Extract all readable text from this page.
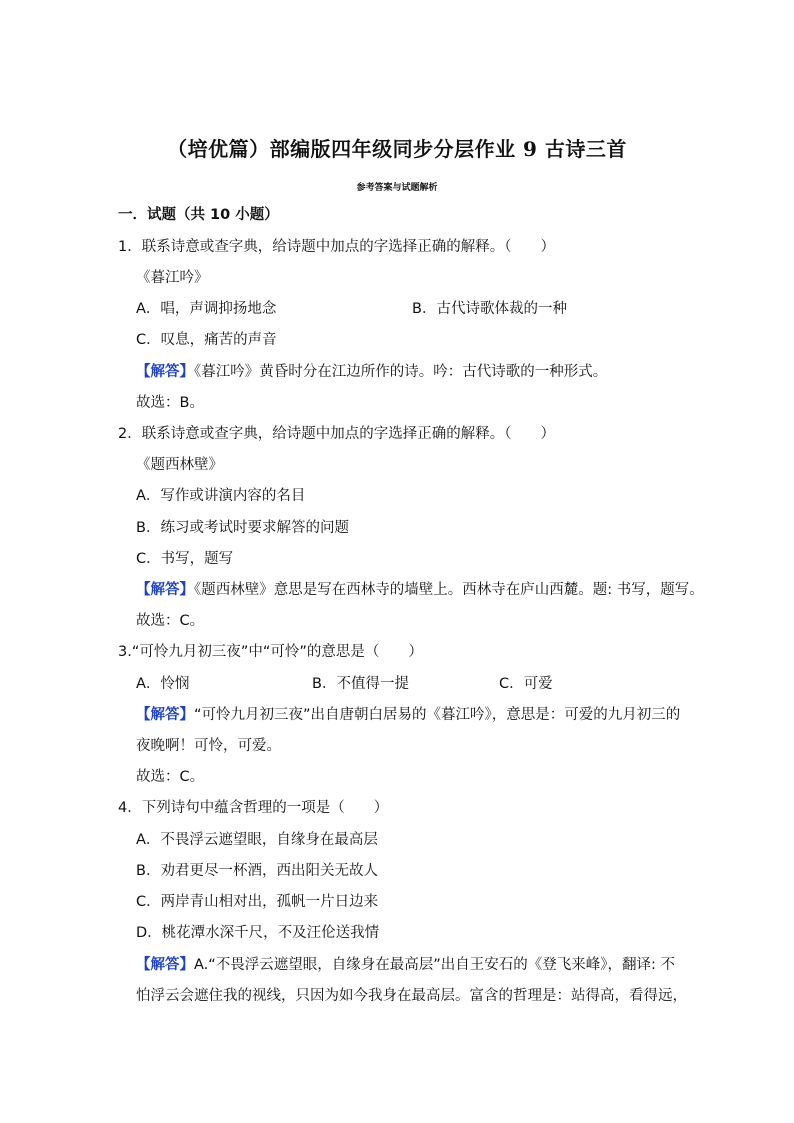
（培优篇）部编版四年级同步分层作业 9 古诗三首
参考答案与试题解析
一．试题（共 10 小题）
1．联系诗意或查字典，给诗题中加点的字选择正确的解释。（　　）
《暮江吟》
A．唱，声调抑扬地念	B．古代诗歌体裁的一种
C．叹息，痛苦的声音
【解答】《暮江吟》黄昏时分在江边所作的诗。吟：古代诗歌的一种形式。
故选：B。
2．联系诗意或查字典，给诗题中加点的字选择正确的解释。（　　）
《题西林壁》
A．写作或讲演内容的名目
B．练习或考试时要求解答的问题
C．书写，题写
【解答】《题西林壁》意思是写在西林寺的墙壁上。西林寺在庐山西麓。题: 书写，题写。
故选：C。
3.“可怜九月初三夜”中“可怜”的意思是（　　）
A．怜悯	B．不值得一提	C．可爱
【解答】“可怜九月初三夜”出自唐朝白居易的《暮江吟》，意思是：可爱的九月初三的
夜晚啊！可怜，可爱。
故选：C。
4．下列诗句中蕴含哲理的一项是（　　）
A．不畏浮云遮望眼，自缘身在最高层
B．劝君更尽一杯酒，西出阳关无故人
C．两岸青山相对出，孤帆一片日边来
D．桃花潭水深千尺，不及汪伦送我情
【解答】A.“不畏浮云遮望眼，自缘身在最高层”出自王安石的《登飞来峰》，翻译: 不
怕浮云会遮住我的视线，只因为如今我身在最高层。富含的哲理是：站得高，看得远，
